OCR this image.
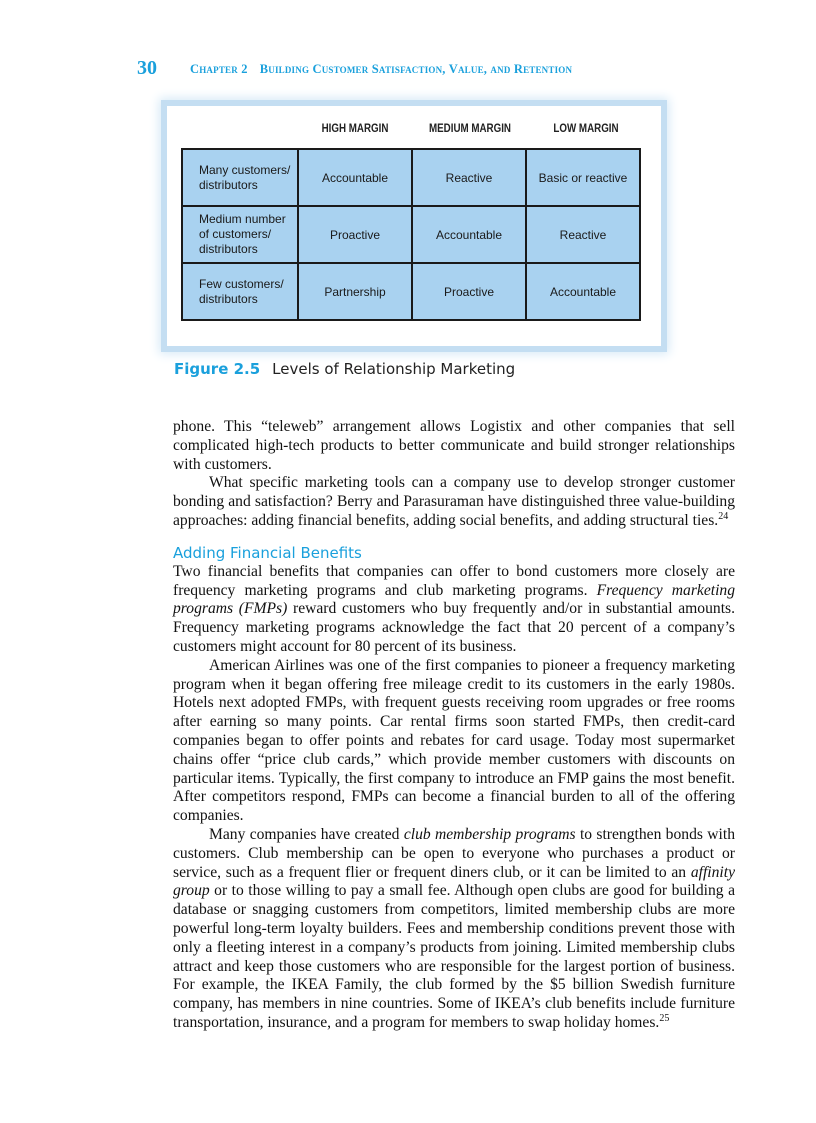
30	Chapter 2 Building Customer Satisfaction, Value, and Retention
HIGH MARGIN	MEDIUM MARGIN	LOW MARGIN
Many customers/ distributors	Accountable	Reactive	Basic or reactive
Medium number of customers/ distributors	Proactive	Accountable	Reactive
Few customers/ distributors	Partnership	Proactive	Accountable
Figure 2.5 Levels of Relationship Marketing

phone. This “teleweb” arrangement allows Logistix and other companies that sell complicated high-tech products to better communicate and build stronger relationships with customers.

What specific marketing tools can a company use to develop stronger customer bonding and satisfaction? Berry and Parasuraman have distinguished three value-building approaches: adding financial benefits, adding social benefits, and adding structural ties.$^{24}$

Adding Financial Benefits

Two financial benefits that companies can offer to bond customers more closely are frequency marketing programs and club marketing programs. Frequency marketing programs (FMPs) reward customers who buy frequently and/or in substantial amounts. Frequency marketing programs acknowledge the fact that 20 percent of a company’s customers might account for 80 percent of its business.

American Airlines was one of the first companies to pioneer a frequency marketing program when it began offering free mileage credit to its customers in the early 1980s. Hotels next adopted FMPs, with frequent guests receiving room upgrades or free rooms after earning so many points. Car rental firms soon started FMPs, then credit-card companies began to offer points and rebates for card usage. Today most supermarket chains offer “price club cards,” which provide member customers with discounts on particular items. Typically, the first company to introduce an FMP gains the most benefit. After competitors respond, FMPs can become a financial burden to all of the offering companies.

Many companies have created club membership programs to strengthen bonds with customers. Club membership can be open to everyone who purchases a product or service, such as a frequent flier or frequent diners club, or it can be limited to an affinity group or to those willing to pay a small fee. Although open clubs are good for building a database or snagging customers from competitors, limited membership clubs are more powerful long-term loyalty builders. Fees and membership conditions prevent those with only a fleeting interest in a company’s products from joining. Limited membership clubs attract and keep those customers who are responsible for the largest portion of business. For example, the IKEA Family, the club formed by the $5 billion Swedish furniture company, has members in nine countries. Some of IKEA’s club benefits include furniture transportation, insurance, and a program for members to swap holiday homes.$^{25}$
